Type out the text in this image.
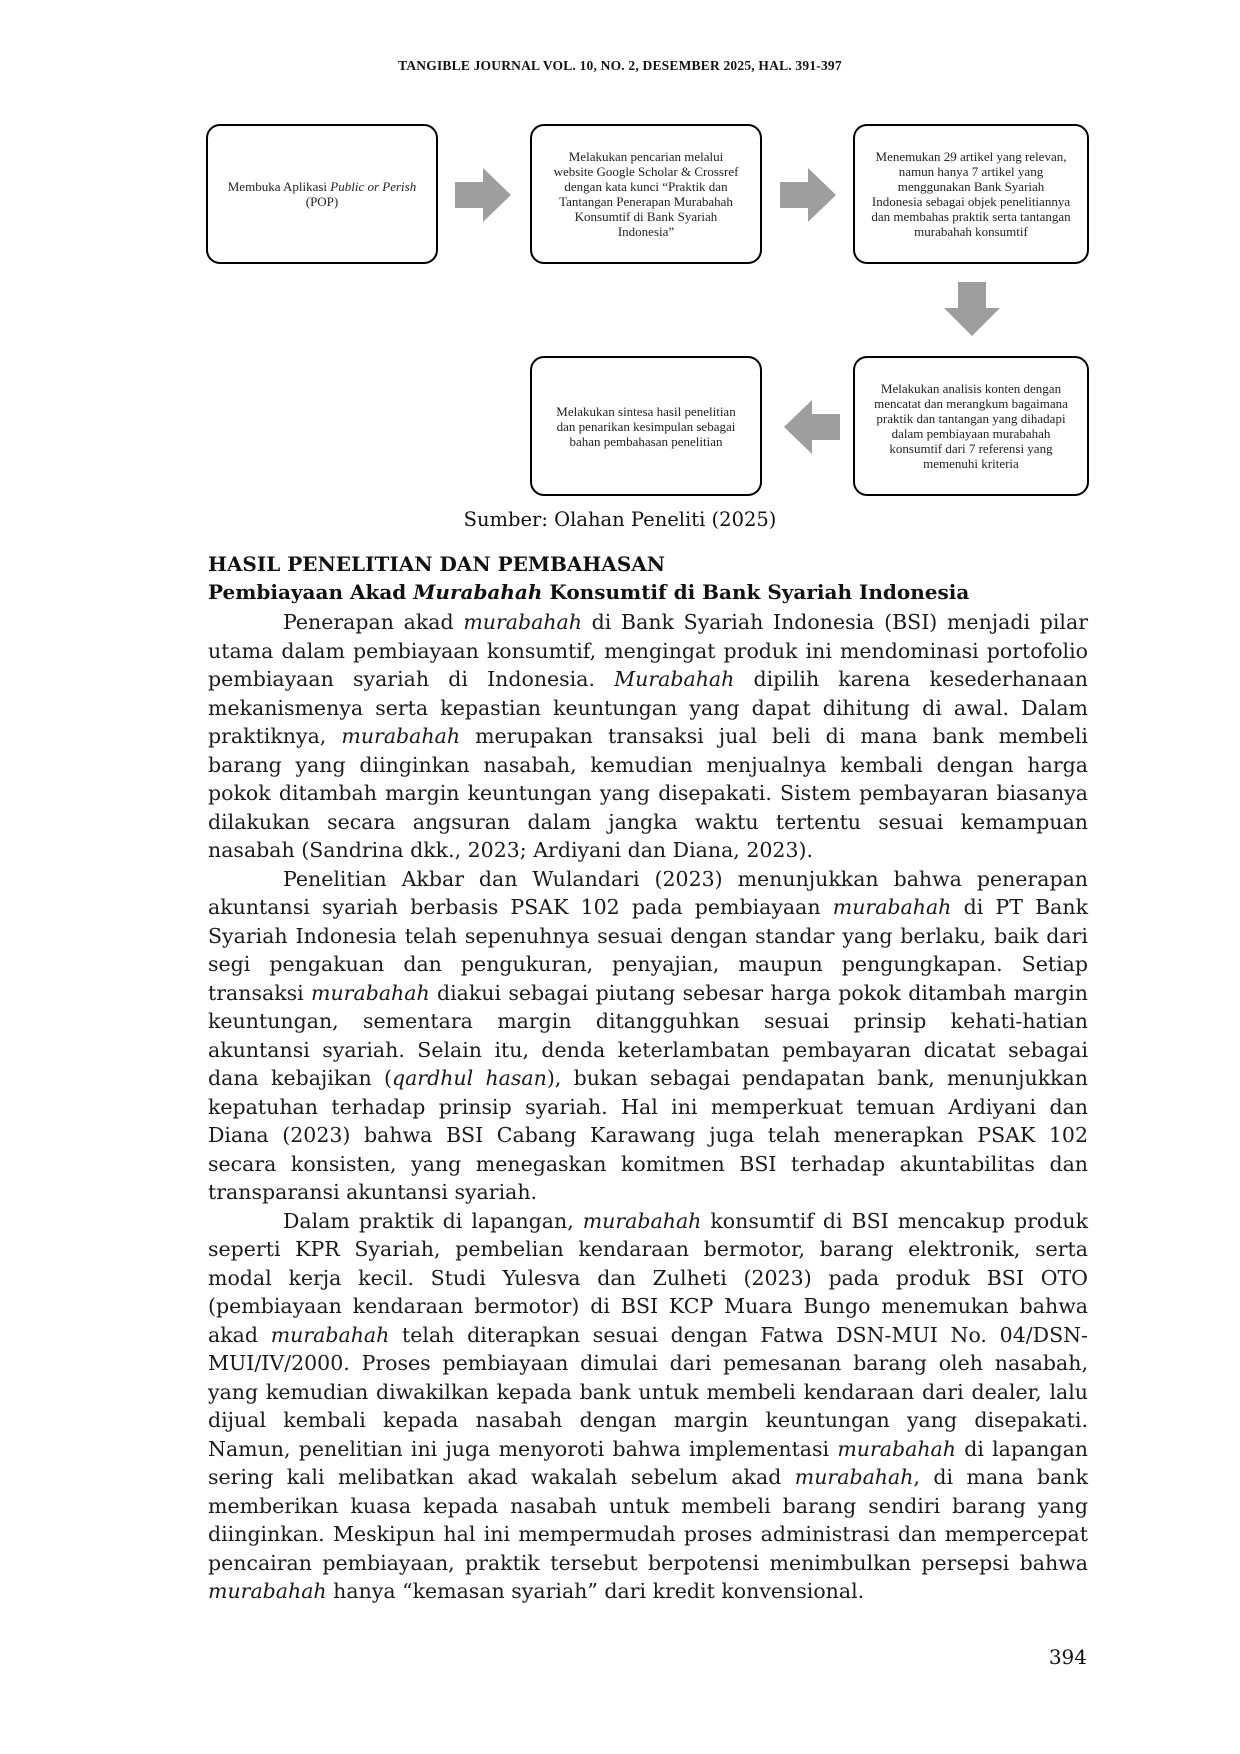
TANGIBLE JOURNAL VOL. 10, NO. 2, DESEMBER 2025, HAL. 391-397
Membuka Aplikasi Public or Perish (POP)
Melakukan pencarian melalui website Google Scholar & Crossref dengan kata kunci “Praktik dan Tantangan Penerapan Murabahah Konsumtif di Bank Syariah Indonesia”
Menemukan 29 artikel yang relevan, namun hanya 7 artikel yang menggunakan Bank Syariah Indonesia sebagai objek penelitiannya dan membahas praktik serta tantangan murabahah konsumtif
Melakukan analisis konten dengan mencatat dan merangkum bagaimana praktik dan tantangan yang dihadapi dalam pembiayaan murabahah konsumtif dari 7 referensi yang memenuhi kriteria
Melakukan sintesa hasil penelitian dan penarikan kesimpulan sebagai bahan pembahasan penelitian
Sumber: Olahan Peneliti (2025)
HASIL PENELITIAN DAN PEMBAHASAN
Pembiayaan Akad Murabahah Konsumtif di Bank Syariah Indonesia

Penerapan akad murabahah di Bank Syariah Indonesia (BSI) menjadi pilar utama dalam pembiayaan konsumtif, mengingat produk ini mendominasi portofolio pembiayaan syariah di Indonesia. Murabahah dipilih karena kesederhanaan mekanismenya serta kepastian keuntungan yang dapat dihitung di awal. Dalam praktiknya, murabahah merupakan transaksi jual beli di mana bank membeli barang yang diinginkan nasabah, kemudian menjualnya kembali dengan harga pokok ditambah margin keuntungan yang disepakati. Sistem pembayaran biasanya dilakukan secara angsuran dalam jangka waktu tertentu sesuai kemampuan nasabah (Sandrina dkk., 2023; Ardiyani dan Diana, 2023).

Penelitian Akbar dan Wulandari (2023) menunjukkan bahwa penerapan akuntansi syariah berbasis PSAK 102 pada pembiayaan murabahah di PT Bank Syariah Indonesia telah sepenuhnya sesuai dengan standar yang berlaku, baik dari segi pengakuan dan pengukuran, penyajian, maupun pengungkapan. Setiap transaksi murabahah diakui sebagai piutang sebesar harga pokok ditambah margin keuntungan, sementara margin ditangguhkan sesuai prinsip kehati-hatian akuntansi syariah. Selain itu, denda keterlambatan pembayaran dicatat sebagai dana kebajikan (qardhul hasan), bukan sebagai pendapatan bank, menunjukkan kepatuhan terhadap prinsip syariah. Hal ini memperkuat temuan Ardiyani dan Diana (2023) bahwa BSI Cabang Karawang juga telah menerapkan PSAK 102 secara konsisten, yang menegaskan komitmen BSI terhadap akuntabilitas dan transparansi akuntansi syariah.

Dalam praktik di lapangan, murabahah konsumtif di BSI mencakup produk seperti KPR Syariah, pembelian kendaraan bermotor, barang elektronik, serta modal kerja kecil. Studi Yulesva dan Zulheti (2023) pada produk BSI OTO (pembiayaan kendaraan bermotor) di BSI KCP Muara Bungo menemukan bahwa akad murabahah telah diterapkan sesuai dengan Fatwa DSN-MUI No. 04/DSN-MUI/IV/2000. Proses pembiayaan dimulai dari pemesanan barang oleh nasabah, yang kemudian diwakilkan kepada bank untuk membeli kendaraan dari dealer, lalu dijual kembali kepada nasabah dengan margin keuntungan yang disepakati. Namun, penelitian ini juga menyoroti bahwa implementasi murabahah di lapangan sering kali melibatkan akad wakalah sebelum akad murabahah, di mana bank memberikan kuasa kepada nasabah untuk membeli barang sendiri barang yang diinginkan. Meskipun hal ini mempermudah proses administrasi dan mempercepat pencairan pembiayaan, praktik tersebut berpotensi menimbulkan persepsi bahwa murabahah hanya “kemasan syariah” dari kredit konvensional.

394
